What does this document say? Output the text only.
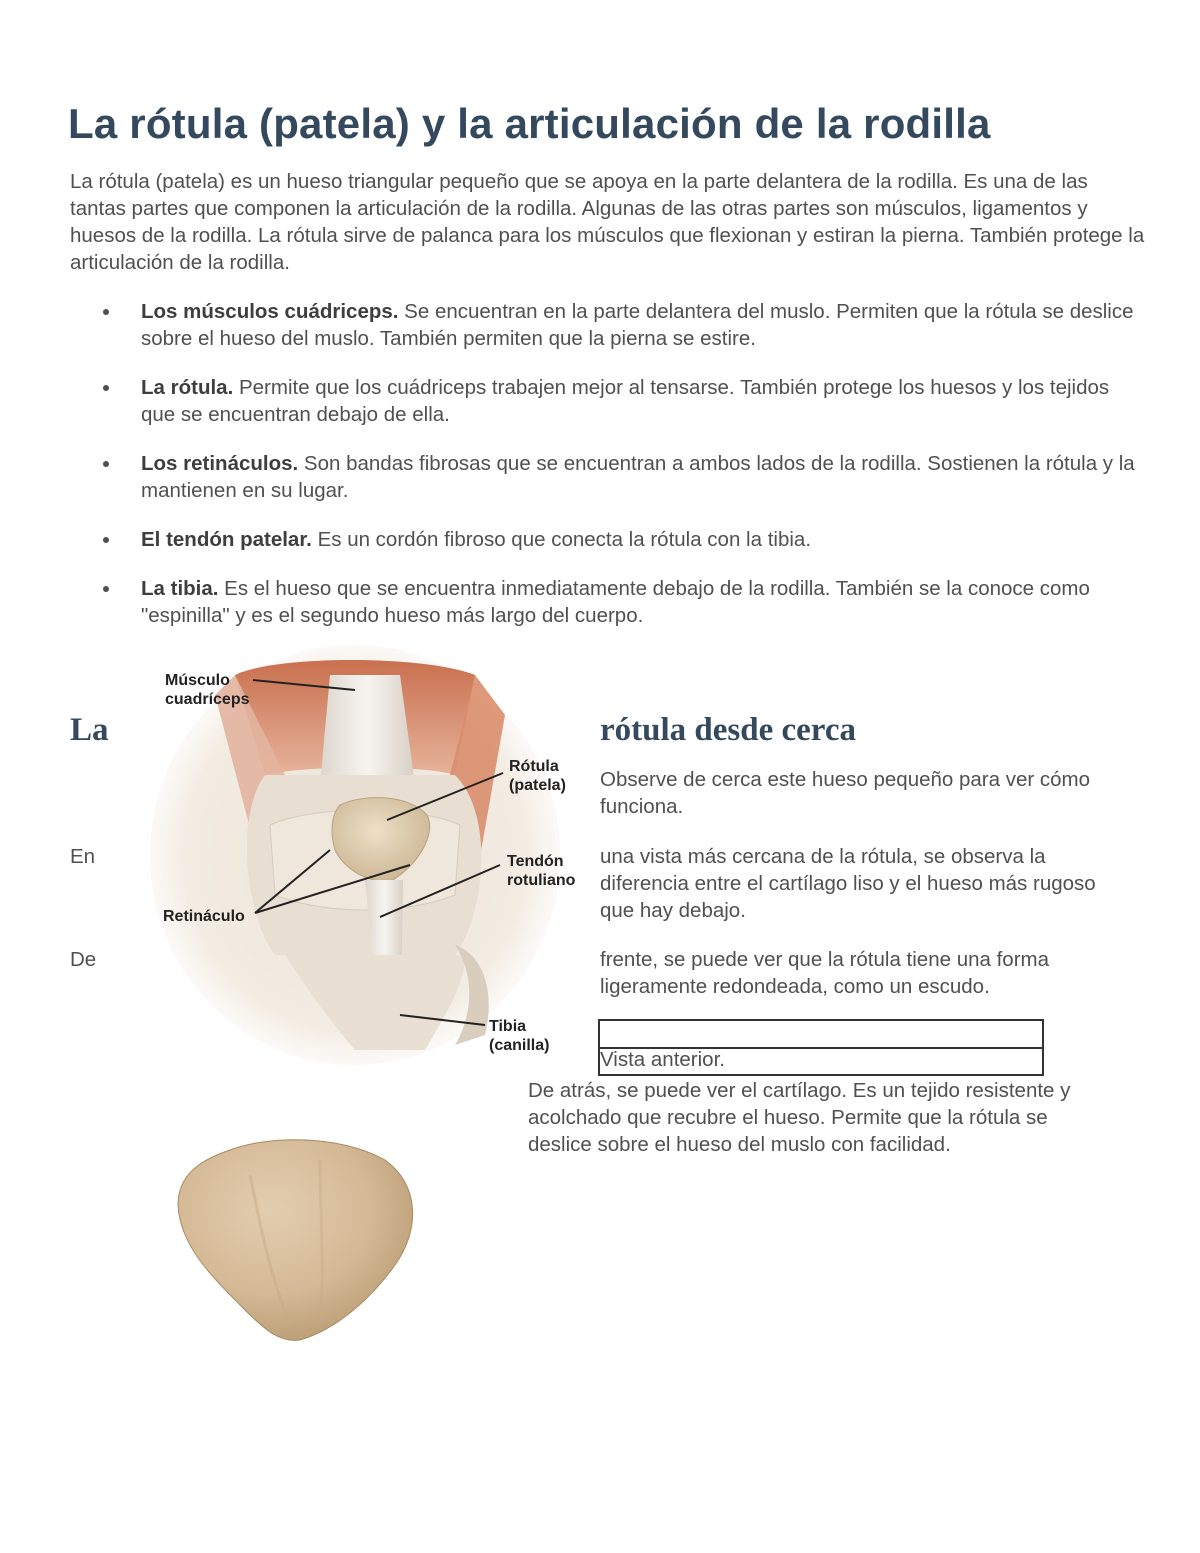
La rótula (patela) y la articulación de la rodilla

La rótula (patela) es un hueso triangular pequeño que se apoya en la parte delantera de la rodilla. Es una de las tantas partes que componen la articulación de la rodilla. Algunas de las otras partes son músculos, ligamentos y huesos de la rodilla. La rótula sirve de palanca para los músculos que flexionan y estiran la pierna. También protege la articulación de la rodilla.

Los músculos cuádriceps. Se encuentran en la parte delantera del muslo. Permiten que la rótula se deslice sobre el hueso del muslo. También permiten que la pierna se estire.
La rótula. Permite que los cuádriceps trabajen mejor al tensarse. También protege los huesos y los tejidos que se encuentran debajo de ella.
Los retináculos. Son bandas fibrosas que se encuentran a ambos lados de la rodilla. Sostienen la rótula y la mantienen en su lugar.
El tendón patelar. Es un cordón fibroso que conecta la rótula con la tibia.
La tibia. Es el hueso que se encuentra inmediatamente debajo de la rodilla. También se la conoce como "espinilla" y es el segundo hueso más largo del cuerpo.
Músculo
cuadríceps
Rótula
(patela)
Tendón
rotuliano
Retináculo
Tibia
(canilla)
La	rótula desde cerca

Observe de cerca este hueso pequeño para ver cómo funciona.

En	una vista más cercana de la rótula, se observa la diferencia entre el cartílago liso y el hueso más rugoso que hay debajo.

De	frente, se puede ver que la rótula tiene una forma ligeramente redondeada, como un escudo.

Vista anterior.

De atrás, se puede ver el cartílago. Es un tejido resistente y acolchado que recubre el hueso. Permite que la rótula se deslice sobre el hueso del muslo con facilidad.
